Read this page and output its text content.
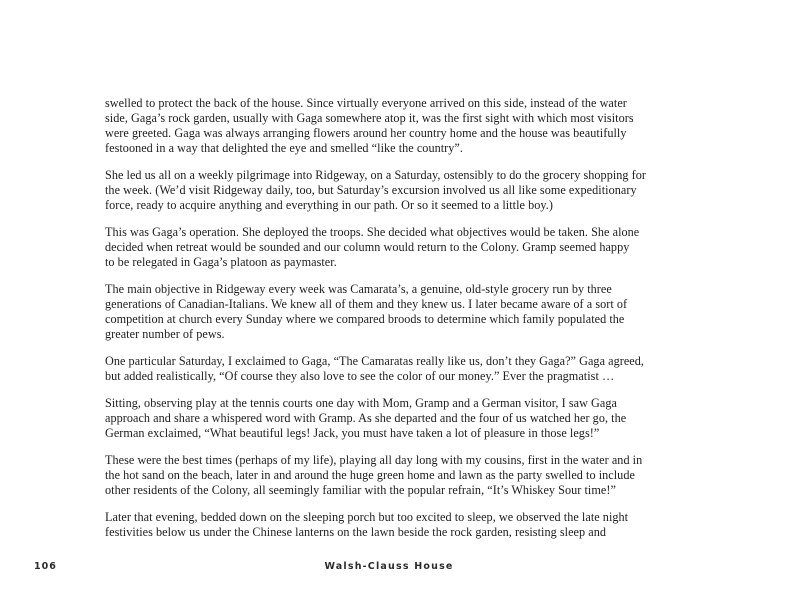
swelled to protect the back of the house. Since virtually everyone arrived on this side, instead of the water
side, Gaga’s rock garden, usually with Gaga somewhere atop it, was the first sight with which most visitors
were greeted. Gaga was always arranging flowers around her country home and the house was beautifully
festooned in a way that delighted the eye and smelled “like the country”.

She led us all on a weekly pilgrimage into Ridgeway, on a Saturday, ostensibly to do the grocery shopping for
the week. (We’d visit Ridgeway daily, too, but Saturday’s excursion involved us all like some expeditionary
force, ready to acquire anything and everything in our path. Or so it seemed to a little boy.)

This was Gaga’s operation. She deployed the troops. She decided what objectives would be taken. She alone
decided when retreat would be sounded and our column would return to the Colony. Gramp seemed happy
to be relegated in Gaga’s platoon as paymaster.

The main objective in Ridgeway every week was Camarata’s, a genuine, old-style grocery run by three
generations of Canadian-Italians. We knew all of them and they knew us. I later became aware of a sort of
competition at church every Sunday where we compared broods to determine which family populated the
greater number of pews.

One particular Saturday, I exclaimed to Gaga, “The Camaratas really like us, don’t they Gaga?” Gaga agreed,
but added realistically, “Of course they also love to see the color of our money.” Ever the pragmatist …

Sitting, observing play at the tennis courts one day with Mom, Gramp and a German visitor, I saw Gaga
approach and share a whispered word with Gramp. As she departed and the four of us watched her go, the
German exclaimed, “What beautiful legs! Jack, you must have taken a lot of pleasure in those legs!”

These were the best times (perhaps of my life), playing all day long with my cousins, first in the water and in
the hot sand on the beach, later in and around the huge green home and lawn as the party swelled to include
other residents of the Colony, all seemingly familiar with the popular refrain, “It’s Whiskey Sour time!”

Later that evening, bedded down on the sleeping porch but too excited to sleep, we observed the late night
festivities below us under the Chinese lanterns on the lawn beside the rock garden, resisting sleep and

106	Walsh-Clauss House
